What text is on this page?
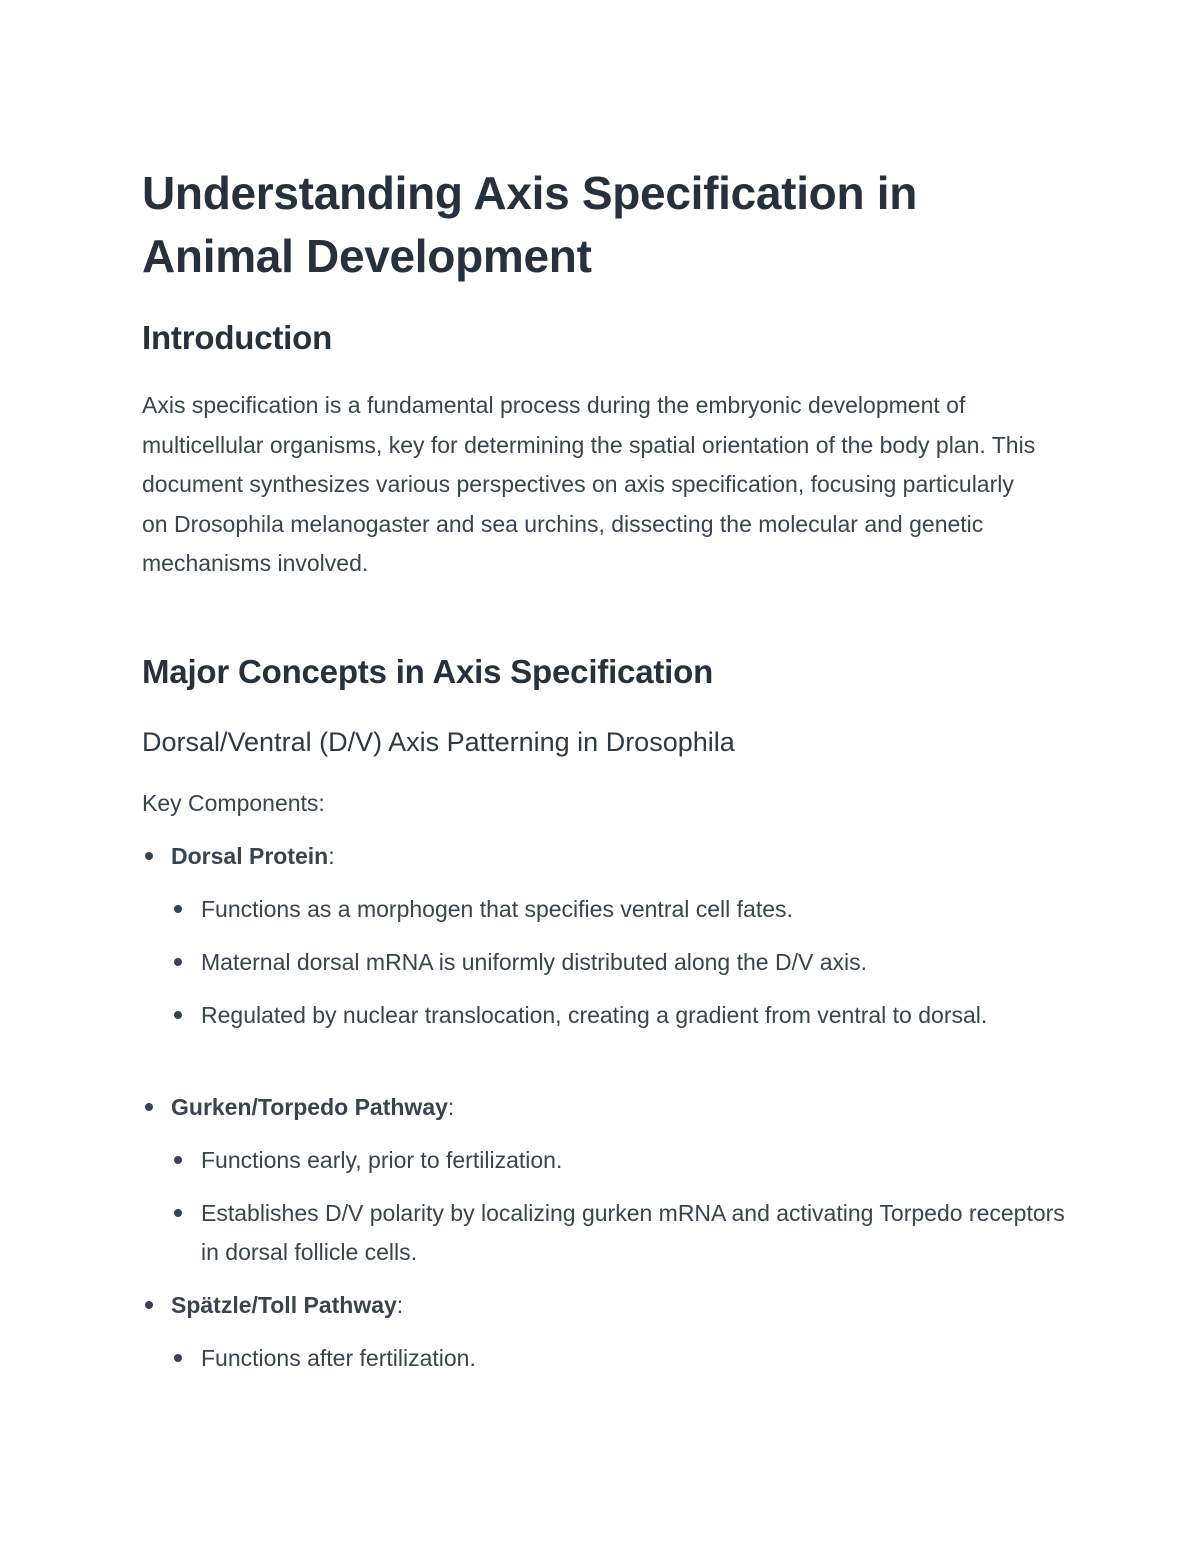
Understanding Axis Specification in Animal Development
Introduction

Axis specification is a fundamental process during the embryonic development of multicellular organisms, key for determining the spatial orientation of the body plan. This document synthesizes various perspectives on axis specification, focusing particularly on Drosophila melanogaster and sea urchins, dissecting the molecular and genetic mechanisms involved.

Major Concepts in Axis Specification
Dorsal/Ventral (D/V) Axis Patterning in Drosophila

Key Components:

Dorsal Protein:
Functions as a morphogen that specifies ventral cell fates.
Maternal dorsal mRNA is uniformly distributed along the D/V axis.
Regulated by nuclear translocation, creating a gradient from ventral to dorsal.
Gurken/Torpedo Pathway:
Functions early, prior to fertilization.
Establishes D/V polarity by localizing gurken mRNA and activating Torpedo receptors in dorsal follicle cells.
Spätzle/Toll Pathway:
Functions after fertilization.
